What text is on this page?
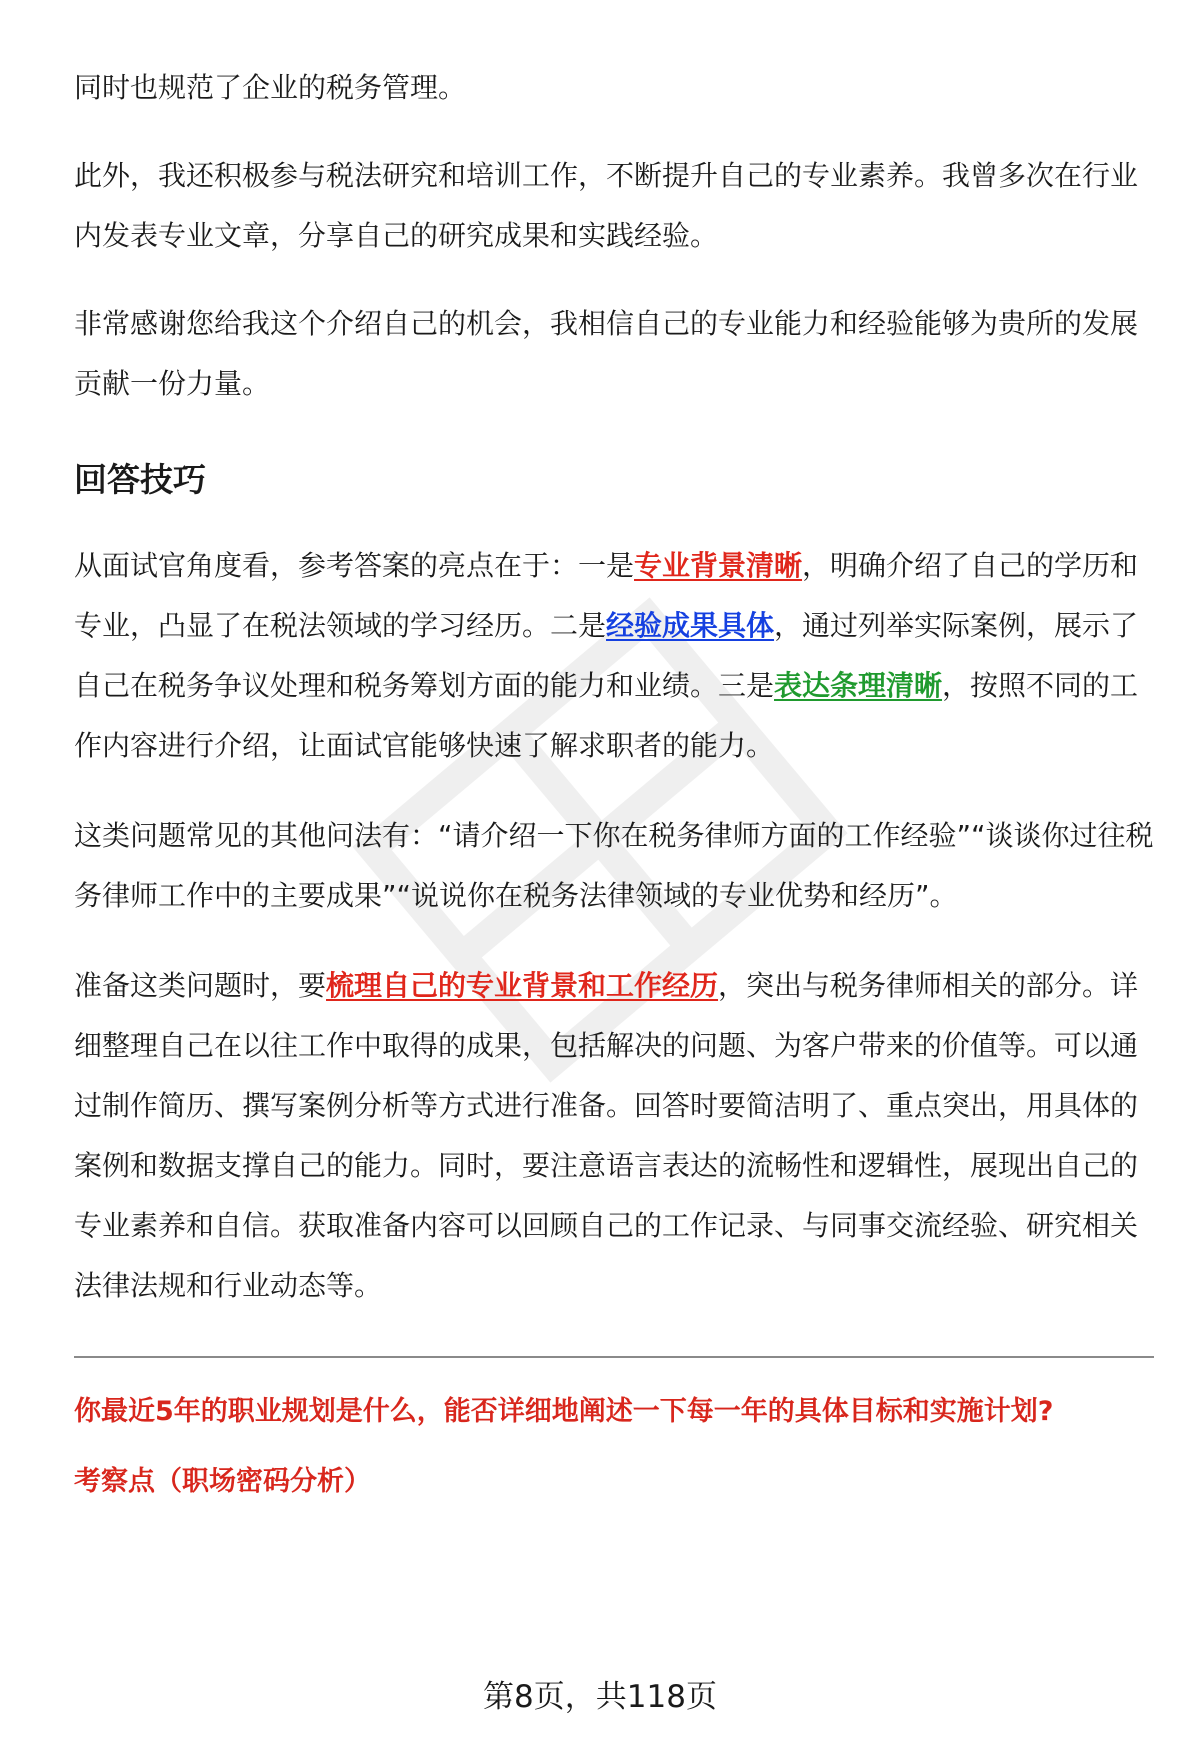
同时也规范了企业的税务管理。

此外，我还积极参与税法研究和培训工作，不断提升自己的专业素养。我曾多次在行业内发表专业文章，分享自己的研究成果和实践经验。

非常感谢您给我这个介绍自己的机会，我相信自己的专业能力和经验能够为贵所的发展贡献一份力量。

回答技巧

从面试官角度看，参考答案的亮点在于：一是专业背景清晰，明确介绍了自己的学历和专业，凸显了在税法领域的学习经历。二是经验成果具体，通过列举实际案例，展示了自己在税务争议处理和税务筹划方面的能力和业绩。三是表达条理清晰，按照不同的工作内容进行介绍，让面试官能够快速了解求职者的能力。

这类问题常见的其他问法有：“请介绍一下你在税务律师方面的工作经验”“谈谈你过往税务律师工作中的主要成果”“说说你在税务法律领域的专业优势和经历”。

准备这类问题时，要梳理自己的专业背景和工作经历，突出与税务律师相关的部分。详细整理自己在以往工作中取得的成果，包括解决的问题、为客户带来的价值等。可以通过制作简历、撰写案例分析等方式进行准备。回答时要简洁明了、重点突出，用具体的案例和数据支撑自己的能力。同时，要注意语言表达的流畅性和逻辑性，展现出自己的专业素养和自信。获取准备内容可以回顾自己的工作记录、与同事交流经验、研究相关法律法规和行业动态等。

你最近5年的职业规划是什么，能否详细地阐述一下每一年的具体目标和实施计划?
考察点（职场密码分析）
第8页，共118页
